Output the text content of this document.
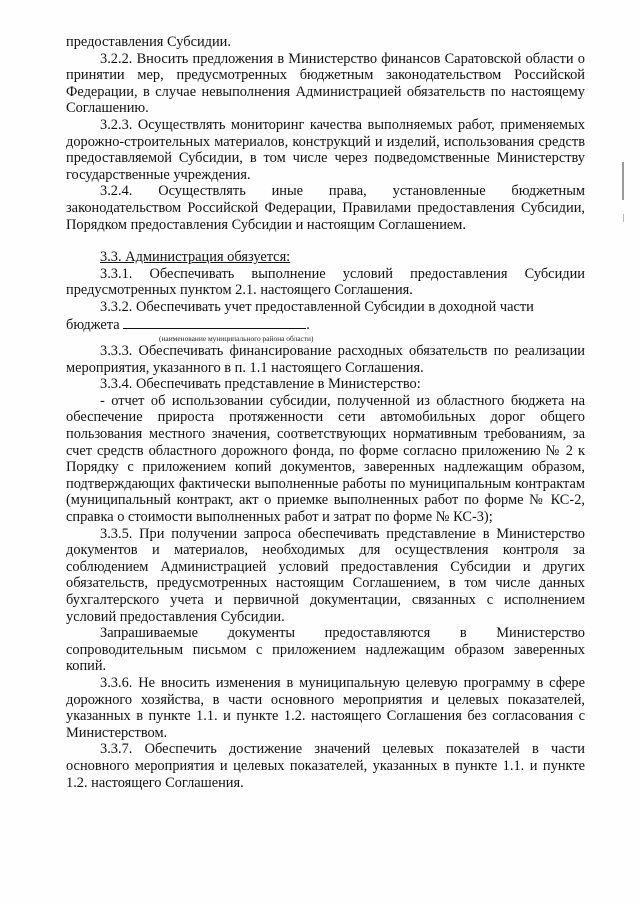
предоставления Субсидии.

3.2.2. Вносить предложения в Министерство финансов Саратовской области о принятии мер, предусмотренных бюджетным законодательством Российской Федерации, в случае невыполнения Администрацией обязательств по настоящему Соглашению.

3.2.3. Осуществлять мониторинг качества выполняемых работ, применяемых дорожно-строительных материалов, конструкций и изделий, использования средств предоставляемой Субсидии, в том числе через подведомственные Министерству государственные учреждения.

3.2.4. Осуществлять иные права, установленные бюджетным законодательством Российской Федерации, Правилами предоставления Субсидии, Порядком предоставления Субсидии и настоящим Соглашением.

3.3. Администрация обязуется:

3.3.1. Обеспечивать выполнение условий предоставления Субсидии предусмотренных пунктом 2.1. настоящего Соглашения.

3.3.2. Обеспечивать учет предоставленной Субсидии в доходной части

бюджета	.

(наименование муниципального района области)

3.3.3. Обеспечивать финансирование расходных обязательств по реализации мероприятия, указанного в п. 1.1 настоящего Соглашения.

3.3.4. Обеспечивать представление в Министерство:

- отчет об использовании субсидии, полученной из областного бюджета на обеспечение прироста протяженности сети автомобильных дорог общего пользования местного значения, соответствующих нормативным требованиям, за счет средств областного дорожного фонда, по форме согласно приложению № 2 к Порядку с приложением копий документов, заверенных надлежащим образом, подтверждающих фактически выполненные работы по муниципальным контрактам (муниципальный контракт, акт о приемке выполненных работ по форме № КС-2, справка о стоимости выполненных работ и затрат по форме № КС-3);

3.3.5. При получении запроса обеспечивать представление в Министерство документов и материалов, необходимых для осуществления контроля за соблюдением Администрацией условий предоставления Субсидии и других обязательств, предусмотренных настоящим Соглашением, в том числе данных бухгалтерского учета и первичной документации, связанных с исполнением условий предоставления Субсидии.

Запрашиваемые документы предоставляются в Министерство сопроводительным письмом с приложением надлежащим образом заверенных копий.

3.3.6. Не вносить изменения в муниципальную целевую программу в сфере дорожного хозяйства, в части основного мероприятия и целевых показателей, указанных в пункте 1.1. и пункте 1.2. настоящего Соглашения без согласования с Министерством.

3.3.7. Обеспечить достижение значений целевых показателей в части основного мероприятия и целевых показателей, указанных в пункте 1.1. и пункте 1.2. настоящего Соглашения.
